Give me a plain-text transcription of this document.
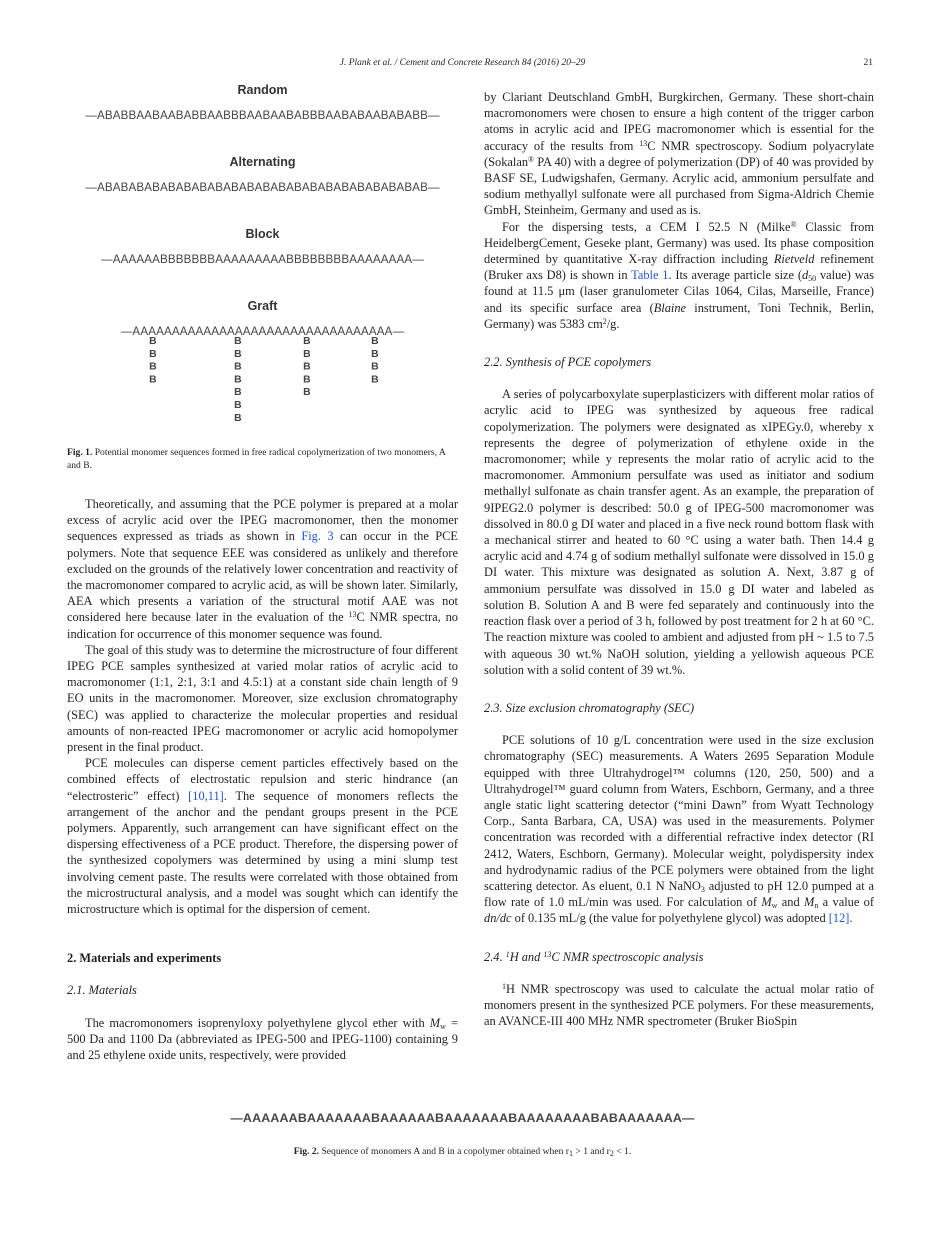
J. Plank et al. / Cement and Concrete Research 84 (2016) 20–29	21
Random
—ABABBAABAABABBAABBBAABAABABBBAABABAABABABB—
Alternating
—ABABABABABABABABABABABABABABABABABABABABAB—
Block
—AAAAAABBBBBBBAAAAAAAAABBBBBBBBAAAAAAAA—
Graft
—AAAAAAAAAAAAAAAAAAAAAAAAAAAAAAAAA—
BBBB	BBBBBBB	BBBBB	BBBB
Fig. 1. Potential monomer sequences formed in free radical copolymerization of two monomers, A and B.

Theoretically, and assuming that the PCE polymer is prepared at a molar excess of acrylic acid over the IPEG macromonomer, then the monomer sequences expressed as triads as shown in Fig. 3 can occur in the PCE polymers. Note that sequence EEE was considered as unlikely and therefore excluded on the grounds of the relatively lower concentration and reactivity of the macromonomer compared to acrylic acid, as will be shown later. Similarly, AEA which presents a variation of the structural motif AAE was not considered here because later in the evaluation of the $^{13}$C NMR spectra, no indication for occurrence of this monomer sequence was found.

The goal of this study was to determine the microstructure of four different IPEG PCE samples synthesized at varied molar ratios of acrylic acid to macromonomer (1:1, 2:1, 3:1 and 4.5:1) at a constant side chain length of 9 EO units in the macromonomer. Moreover, size exclusion chromatography (SEC) was applied to characterize the molecular properties and residual amounts of non-reacted IPEG macromonomer or acrylic acid homopolymer present in the final product.

PCE molecules can disperse cement particles effectively based on the combined effects of electrostatic repulsion and steric hindrance (an “electrosteric” effect) [10,11]. The sequence of monomers reflects the arrangement of the anchor and the pendant groups present in the PCE polymers. Apparently, such arrangement can have significant effect on the dispersing effectiveness of a PCE product. Therefore, the dispersing power of the synthesized copolymers was determined by using a mini slump test involving cement paste. The results were correlated with those obtained from the microstructural analysis, and a model was sought which can identify the microstructure which is optimal for the dispersion of cement.

2. Materials and experiments
2.1. Materials

The macromonomers isoprenyloxy polyethylene glycol ether with $M_w = 500$ Da and 1100 Da (abbreviated as IPEG-500 and IPEG-1100) containing 9 and 25 ethylene oxide units, respectively, were provided

by Clariant Deutschland GmbH, Burgkirchen, Germany. These short-chain macromonomers were chosen to ensure a high content of the trigger carbon atoms in acrylic acid and IPEG macromonomer which is essential for the accuracy of the results from $^{13}$C NMR spectroscopy. Sodium polyacrylate (Sokalan® PA 40) with a degree of polymerization (DP) of 40 was provided by BASF SE, Ludwigshafen, Germany. Acrylic acid, ammonium persulfate and sodium methyallyl sulfonate were all purchased from Sigma-Aldrich Chemie GmbH, Steinheim, Germany and used as is.

For the dispersing tests, a CEM I 52.5 N (Milke® Classic from HeidelbergCement, Geseke plant, Germany) was used. Its phase composition determined by quantitative X-ray diffraction including Rietveld refinement (Bruker axs D8) is shown in Table 1. Its average particle size ($d_{50}$ value) was found at 11.5 μm (laser granulometer Cilas 1064, Cilas, Marseille, France) and its specific surface area (Blaine instrument, Toni Technik, Berlin, Germany) was 5383 $cm^2/g$.

2.2. Synthesis of PCE copolymers

A series of polycarboxylate superplasticizers with different molar ratios of acrylic acid to IPEG was synthesized by aqueous free radical copolymerization. The polymers were designated as xIPEGy.0, whereby x represents the degree of polymerization of ethylene oxide in the macromonomer; while y represents the molar ratio of acrylic acid to the macromonomer. Ammonium persulfate was used as initiator and sodium methallyl sulfonate as chain transfer agent. As an example, the preparation of 9IPEG2.0 polymer is described: 50.0 g of IPEG-500 macromonomer was dissolved in 80.0 g DI water and placed in a five neck round bottom flask with a mechanical stirrer and heated to 60 °C using a water bath. Then 14.4 g acrylic acid and 4.74 g of sodium methallyl sulfonate were dissolved in 15.0 g DI water. This mixture was designated as solution A. Next, 3.87 g of ammonium persulfate was dissolved in 15.0 g DI water and labeled as solution B. Solution A and B were fed separately and continuously into the reaction flask over a period of 3 h, followed by post treatment for 2 h at 60 °C. The reaction mixture was cooled to ambient and adjusted from pH ~ 1.5 to 7.5 with aqueous 30 wt.% NaOH solution, yielding a yellowish aqueous PCE solution with a solid content of 39 wt.%.

2.3. Size exclusion chromatography (SEC)

PCE solutions of 10 g/L concentration were used in the size exclusion chromatography (SEC) measurements. A Waters 2695 Separation Module equipped with three Ultrahydrogel™ columns (120, 250, 500) and a Ultrahydrogel™ guard column from Waters, Eschborn, Germany, and a three angle static light scattering detector (“mini Dawn” from Wyatt Technology Corp., Santa Barbara, CA, USA) was used in the measurements. Polymer concentration was recorded with a differential refractive index detector (RI 2412, Waters, Eschborn, Germany). Molecular weight, polydispersity index and hydrodynamic radius of the PCE polymers were obtained from the light scattering detector. As eluent, 0.1 N NaNO$_3$ adjusted to pH 12.0 pumped at a flow rate of 1.0 mL/min was used. For calculation of $M_w$ and $M_n$ a value of dn/dc of 0.135 mL/g (the value for polyethylene glycol) was adopted [12].

2.4. $^1$H and $^{13}$C NMR spectroscopic analysis

$^1$H NMR spectroscopy was used to calculate the actual molar ratio of monomers present in the synthesized PCE polymers. For these measurements, an AVANCE-III 400 MHz NMR spectrometer (Bruker BioSpin

—AAAAAABAAAAAAABAAAAAABAAAAAAABAAAAAAAABABAAAAAAA—
Fig. 2. Sequence of monomers A and B in a copolymer obtained when $r_1 > 1$ and $r_2 < 1$.
